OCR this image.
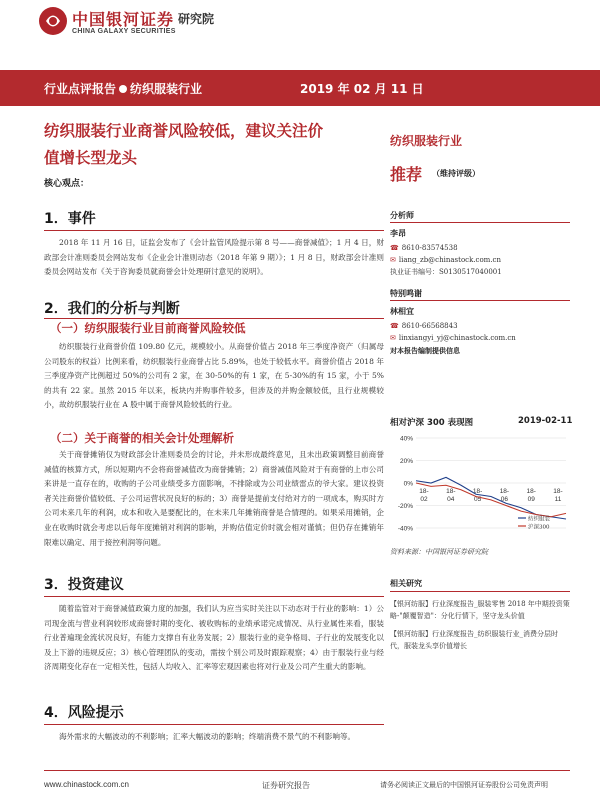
中国银河证券 研究院
CHINA GALAXY SECURITIES
行业点评报告 纺织服装行业	2019 年 02 月 11 日
纺织服装行业商誉风险较低，建议关注价
值增长型龙头
核心观点：
1．事件
2018 年 11 月 16 日，证监会发布了《会计监管风险提示第 8 号——商誉减值》；1 月 4 日，财政部会计准则委员会网站发布《企业会计准则动态（2018 年第 9 期）》；1 月 8 日，财政部会计准则委员会网站发布《关于咨询委员就商誉会计处理研讨意见的说明》。
2．我们的分析与判断
（一）纺织服装行业目前商誉风险较低
纺织服装行业商誉价值 109.80 亿元，规模较小。从商誉价值占 2018 年三季度净资产（归属母公司股东的权益）比例来看，纺织服装行业商誉占比 5.89%，也处于较低水平。商誉价值占 2018 年三季度净资产比例超过 50%的公司有 2 家，在 30-50%的有 1 家，在 5-30%的有 15 家，小于 5%的共有 22 家。虽然 2015 年以来，板块内并购事件较多，但涉及的并购金额较低，且行业规模较小，故纺织服装行业在 A 股中属于商誉风险较低的行业。
（二）关于商誉的相关会计处理解析
关于商誉摊销仅为财政部会计准则委员会的讨论，并未形成最终意见，且未出政策调整目前商誉减值的核算方式，所以短期内不会将商誉减值改为商誉摊销；2）商誉减值风险对于有商誉的上市公司来讲是一直存在的，收购的子公司业绩受多方面影响，不排除或为公司业绩雷点的爷大家。建议投资者关注商誉价值较低、子公司运营状况良好的标的；3）商誉是提前支付给对方的一项成本，购买时方公司未来几年的利润，成本和收入是要配比的，在未来几年摊销商誉是合情理的。如果采用摊销，企业在收购时就会考虑以后每年度摊销对利润的影响，并购估值定价时就会相对谨慎；但仍存在摊销年限难以确定、用于接控利润等问题。
3．投资建议
随着监管对于商誉减值政策力度的加强，我们认为应当实时关注以下动态对于行业的影响：1）公司现金流与营业利润较形成商誉时期的变化、被收购标的业绩承诺完成情况、从行业属性来看，服装行业普遍现金流状况良好，有能力支撑自有业务发展；2）服装行业的竞争格局、子行业的发展变化以及上下游的违规反应；3）核心管理团队的变动，需按个别公司及时跟踪观察；4）由于服装行业与经济周期变化存在一定相关性，包括人均收入、汇率等宏观因素也将对行业及公司产生重大的影响。
4．风险提示
海外需求的大幅波动的不利影响；汇率大幅波动的影响；终端消费不景气的不利影响等。
纺织服装行业
推荐 （维持评级）
分析师
李昂
☎ 8610-83574538
✉ liang_zb@chinastock.com.cn
执业证书编号：S0130517040001
特别鸣谢
林相宜
☎ 8610-66568843
✉ linxiangyi_yj@chinastock.com.cn
对本报告编制提供信息
相对沪深 300 表现图	2019-02-11
40%
20%
0%
-20%
-40%
18-
02
18-
04
18-
05
18-
06
18-
09
18-
11
纺织服装
沪深300
资料来源：中国银河证券研究院
相关研究
【银河纺服】行业深度报告_服装零售 2018 年中期投资策略-"颠覆智造"：分化行情下，坚守龙头价值
【银河纺服】行业深度报告_纺织服装行业_消费分层时代，服装龙头享价值增长
www.chinastock.com.cn	证券研究报告	请务必阅读正文最后的中国银河证券股份公司免责声明
